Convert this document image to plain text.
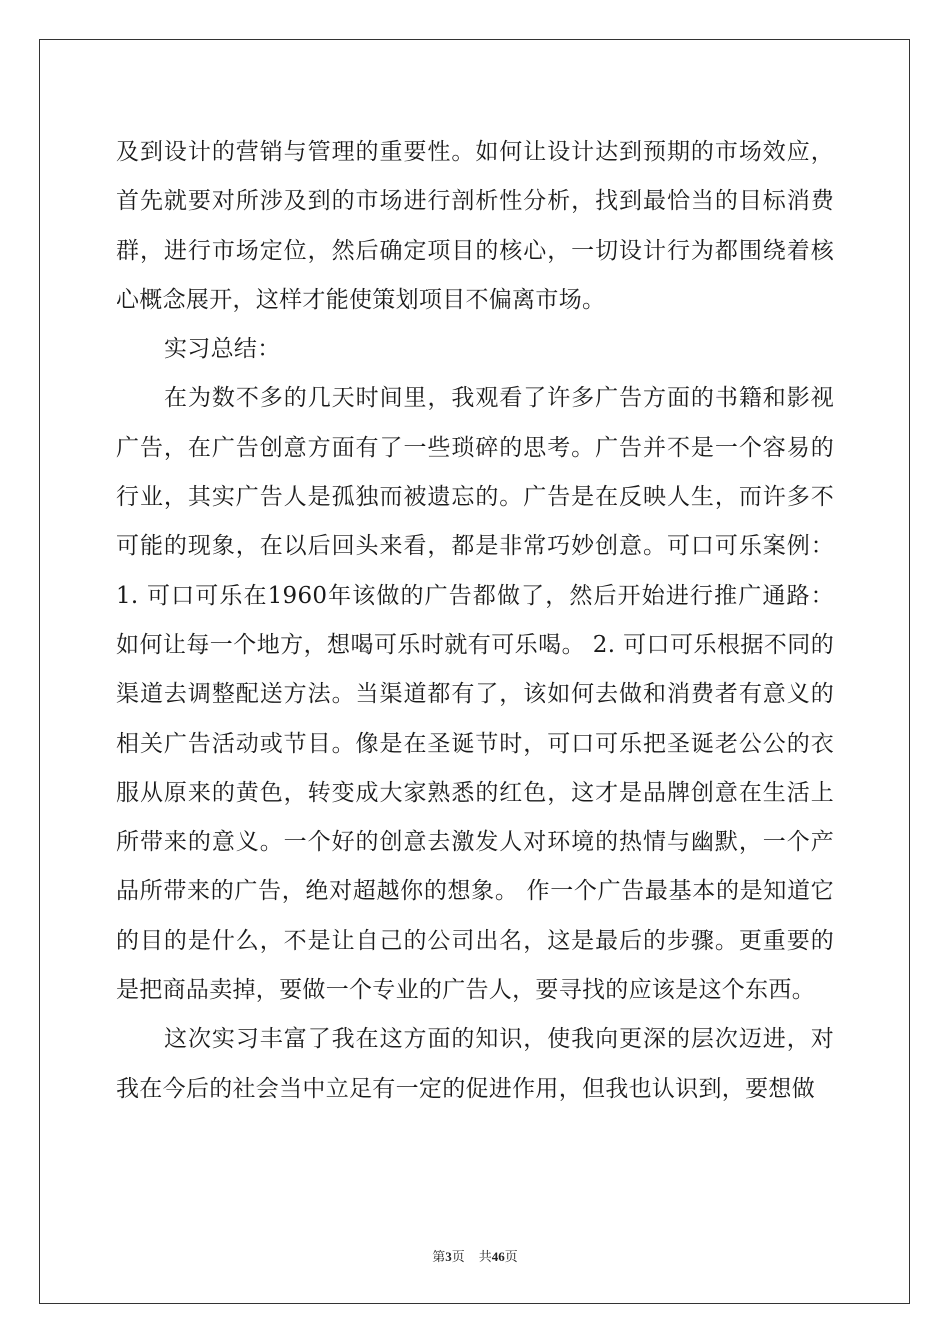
及到设计的营销与管理的重要性。如何让设计达到预期的市场效应，首先就要对所涉及到的市场进行剖析性分析，找到最恰当的目标消费群，进行市场定位，然后确定项目的核心，一切设计行为都围绕着核心概念展开，这样才能使策划项目不偏离市场。

实习总结：

在为数不多的几天时间里，我观看了许多广告方面的书籍和影视广告，在广告创意方面有了一些琐碎的思考。广告并不是一个容易的行业，其实广告人是孤独而被遗忘的。广告是在反映人生，而许多不可能的现象，在以后回头来看，都是非常巧妙创意。可口可乐案例：1. 可口可乐在1960年该做的广告都做了，然后开始进行推广通路：如何让每一个地方，想喝可乐时就有可乐喝。 2. 可口可乐根据不同的渠道去调整配送方法。当渠道都有了，该如何去做和消费者有意义的相关广告活动或节目。像是在圣诞节时，可口可乐把圣诞老公公的衣服从原来的黄色，转变成大家熟悉的红色，这才是品牌创意在生活上所带来的意义。一个好的创意去激发人对环境的热情与幽默，一个产品所带来的广告，绝对超越你的想象。 作一个广告最基本的是知道它的目的是什么，不是让自己的公司出名，这是最后的步骤。更重要的是把商品卖掉，要做一个专业的广告人，要寻找的应该是这个东西。

这次实习丰富了我在这方面的知识，使我向更深的层次迈进，对我在今后的社会当中立足有一定的促进作用，但我也认识到，要想做

第3页 共46页
